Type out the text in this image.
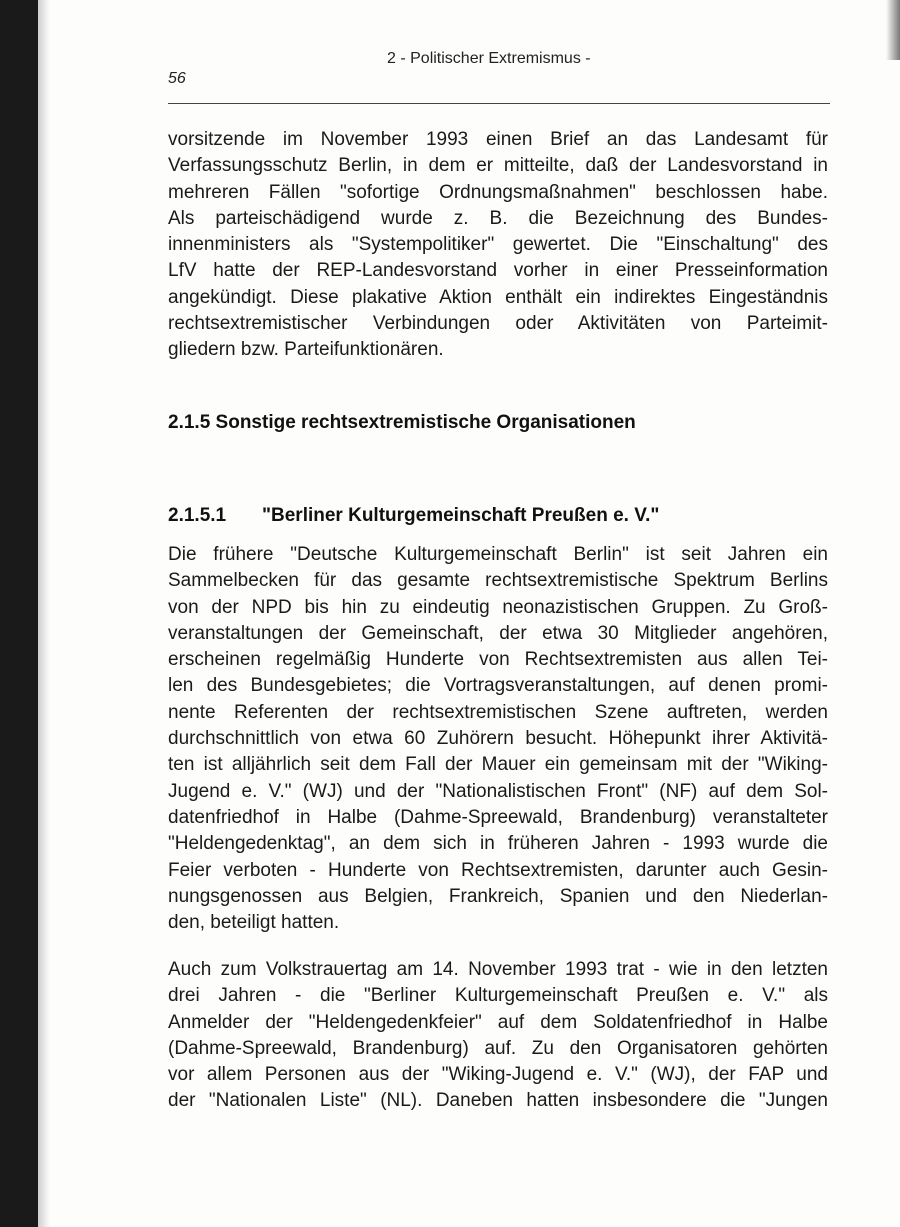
56
2 - Politischer Extremismus -
vorsitzende im November 1993 einen Brief an das Landesamt für
Verfassungsschutz Berlin, in dem er mitteilte, daß der Landesvorstand in
mehreren Fällen "sofortige Ordnungsmaßnahmen" beschlossen habe.
Als parteischädigend wurde z. B. die Bezeichnung des Bundes-
innenministers als "Systempolitiker" gewertet. Die "Einschaltung" des
LfV hatte der REP-Landesvorstand vorher in einer Presseinformation
angekündigt. Diese plakative Aktion enthält ein indirektes Eingeständnis
rechtsextremistischer Verbindungen oder Aktivitäten von Parteimit-
gliedern bzw. Parteifunktionären.
2.1.5 Sonstige rechtsextremistische Organisationen
2.1.5.1 "Berliner Kulturgemeinschaft Preußen e. V."
Die frühere "Deutsche Kulturgemeinschaft Berlin" ist seit Jahren ein
Sammelbecken für das gesamte rechtsextremistische Spektrum Berlins
von der NPD bis hin zu eindeutig neonazistischen Gruppen. Zu Groß-
veranstaltungen der Gemeinschaft, der etwa 30 Mitglieder angehören,
erscheinen regelmäßig Hunderte von Rechtsextremisten aus allen Tei-
len des Bundesgebietes; die Vortragsveranstaltungen, auf denen promi-
nente Referenten der rechtsextremistischen Szene auftreten, werden
durchschnittlich von etwa 60 Zuhörern besucht. Höhepunkt ihrer Aktivitä-
ten ist alljährlich seit dem Fall der Mauer ein gemeinsam mit der "Wiking-
Jugend e. V." (WJ) und der "Nationalistischen Front" (NF) auf dem Sol-
datenfriedhof in Halbe (Dahme-Spreewald, Brandenburg) veranstalteter
"Heldengedenktag", an dem sich in früheren Jahren - 1993 wurde die
Feier verboten - Hunderte von Rechtsextremisten, darunter auch Gesin-
nungsgenossen aus Belgien, Frankreich, Spanien und den Niederlan-
den, beteiligt hatten.
Auch zum Volkstrauertag am 14. November 1993 trat - wie in den letzten
drei Jahren - die "Berliner Kulturgemeinschaft Preußen e. V." als
Anmelder der "Heldengedenkfeier" auf dem Soldatenfriedhof in Halbe
(Dahme-Spreewald, Brandenburg) auf. Zu den Organisatoren gehörten
vor allem Personen aus der "Wiking-Jugend e. V." (WJ), der FAP und
der "Nationalen Liste" (NL). Daneben hatten insbesondere die "Jungen
